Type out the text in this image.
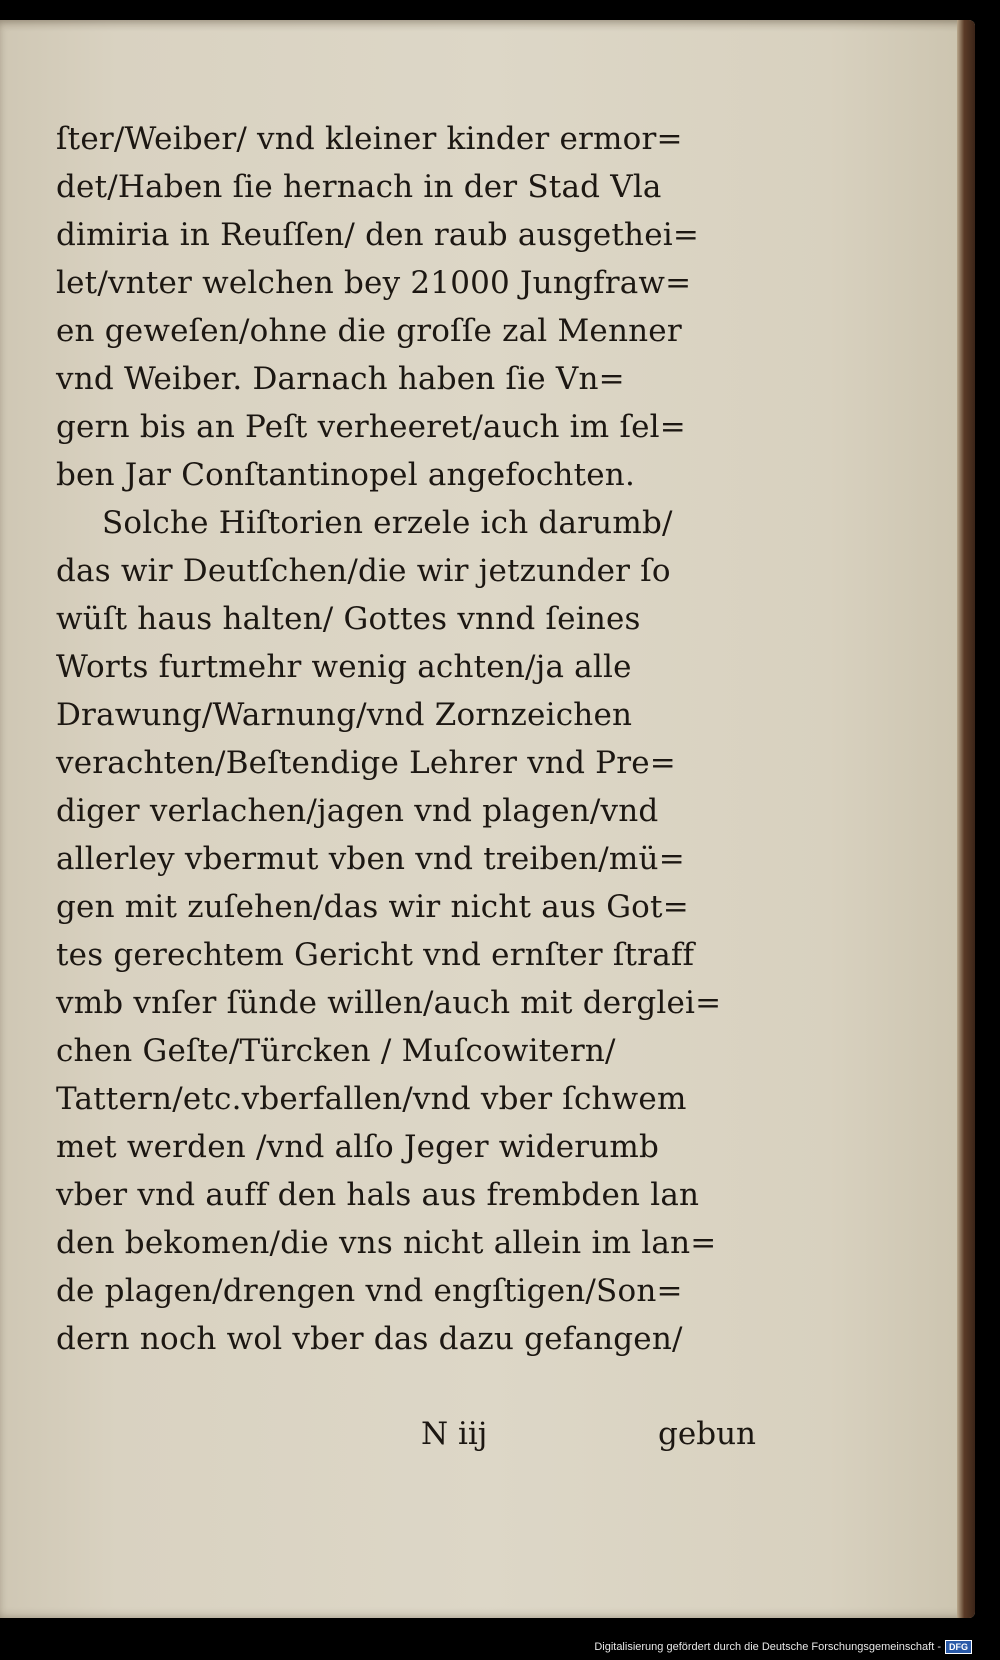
ſter/Weiber/ vnd kleiner kinder ermor=
det/Haben ſie hernach in der Stad Vla
dimiria in Reuſſen/ den raub ausgethei=
let/vnter welchen bey 21000 Jungfraw=
en geweſen/ohne die groſſe zal Menner
vnd Weiber. Darnach haben ſie Vn=
gern bis an Peſt verheeret/auch im ſel=
ben Jar Conſtantinopel angefochten.
Solche Hiſtorien erzele ich darumb/
das wir Deutſchen/die wir jetzunder ſo
wüſt haus halten/ Gottes vnnd ſeines
Worts furtmehr wenig achten/ja alle
Drawung/Warnung/vnd Zornzeichen
verachten/Beſtendige Lehrer vnd Pre=
diger verlachen/jagen vnd plagen/vnd
allerley vbermut vben vnd treiben/mü=
gen mit zuſehen/das wir nicht aus Got=
tes gerechtem Gericht vnd ernſter ſtraff
vmb vnſer ſünde willen/auch mit derglei=
chen Geſte/Türcken / Muſcowitern/
Tattern/etc.vberfallen/vnd vber ſchwem
met werden /vnd alſo Jeger widerumb
vber vnd auff den hals aus frembden lan
den bekomen/die vns nicht allein im lan=
de plagen/drengen vnd engſtigen/Son=
dern noch wol vber das dazu gefangen/
N iij	gebun
Digitalisierung gefördert durch die Deutsche Forschungsgemeinschaft - DFG
